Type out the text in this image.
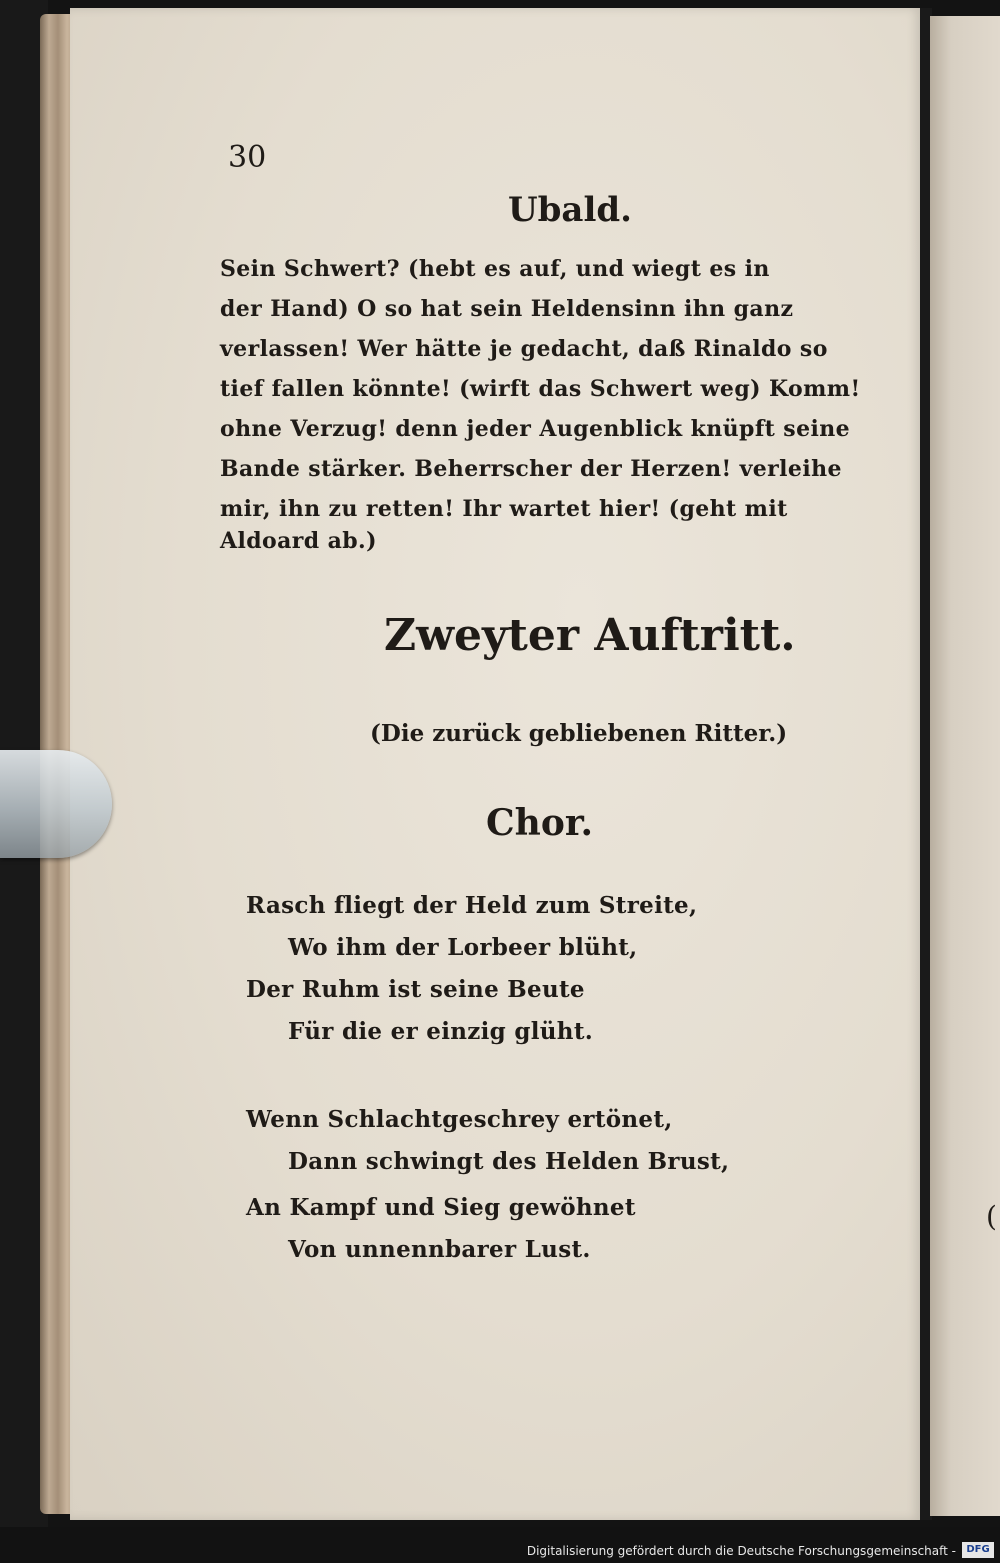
30

Ubald.

Sein Schwert? (hebt es auf, und wiegt es in

der Hand) O so hat sein Heldensinn ihn ganz

verlassen! Wer hätte je gedacht, daß Rinaldo so

tief fallen könnte! (wirft das Schwert weg) Komm!

ohne Verzug! denn jeder Augenblick knüpft seine

Bande stärker. Beherrscher der Herzen! verleihe

mir, ihn zu retten! Ihr wartet hier! (geht mit

Aldoard ab.)

Zweyter Auftritt.

(Die zurück gebliebenen Ritter.)

Chor.

Rasch fliegt der Held zum Streite,

Wo ihm der Lorbeer blüht,

Der Ruhm ist seine Beute

Für die er einzig glüht.

Wenn Schlachtgeschrey ertönet,

Dann schwingt des Helden Brust,

An Kampf und Sieg gewöhnet

Von unnennbarer Lust.

(

Digitalisierung gefördert durch die Deutsche Forschungsgemeinschaft -	DFG
